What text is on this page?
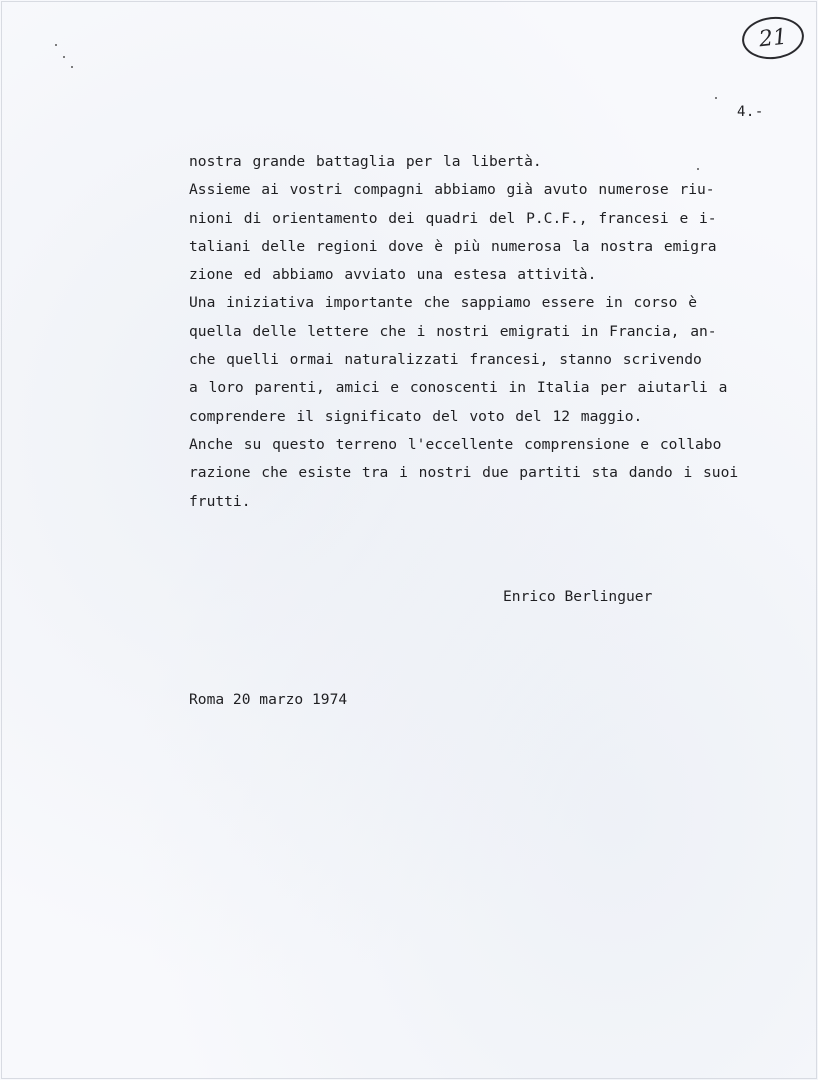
21
4.-
nostra grande battaglia per la libertà.
Assieme ai vostri compagni abbiamo già avuto numerose riu-
nioni di orientamento dei quadri del P.C.F., francesi e i-
taliani delle regioni dove è più numerosa la nostra emigra
zione ed abbiamo avviato una estesa attività.
Una iniziativa importante che sappiamo essere in corso è
quella delle lettere che i nostri emigrati in Francia, an-
che quelli ormai naturalizzati francesi, stanno scrivendo
a loro parenti, amici e conoscenti in Italia per aiutarli a
comprendere il significato del voto del 12 maggio.
Anche su questo terreno l'eccellente comprensione e collabo
razione che esiste tra i nostri due partiti sta dando i suoi
frutti.
Enrico Berlinguer
Roma 20 marzo 1974
